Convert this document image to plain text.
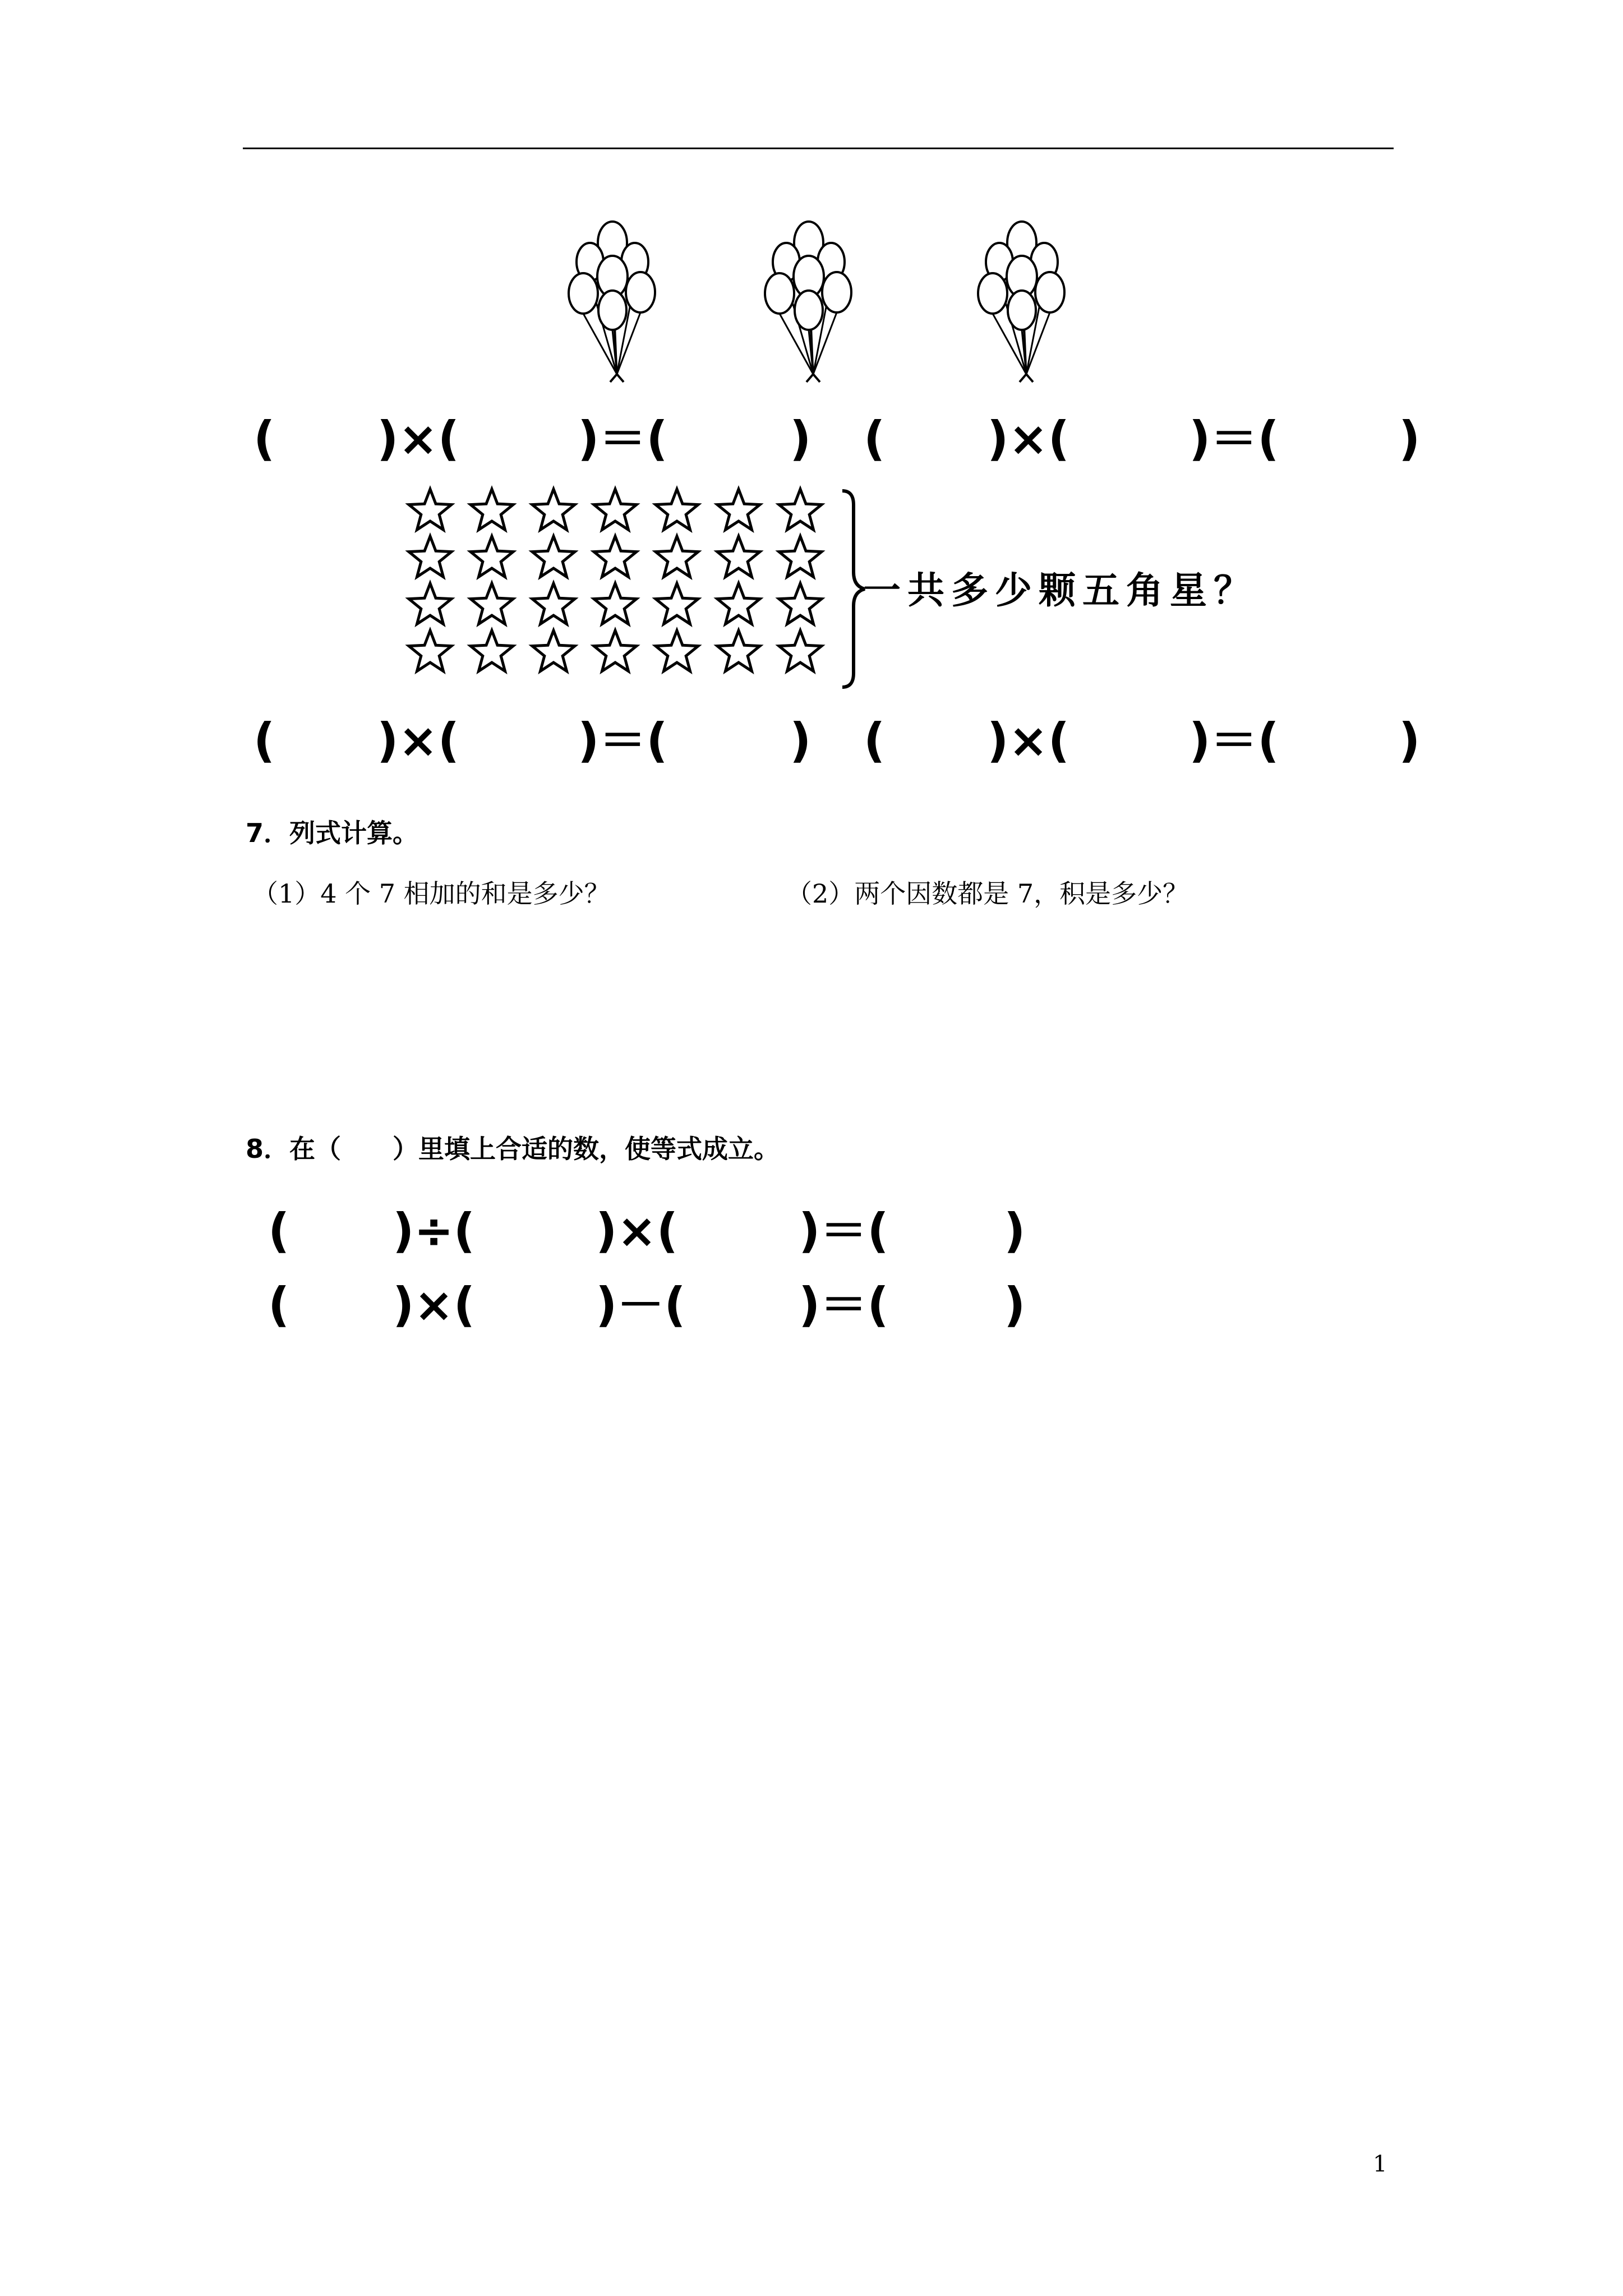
( )×(	)＝(	) ( )×(	)＝(	)
一共多少颗五角星？
( )×(	)＝(	) ( )×(	)＝(	)
7．列式计算。
（1）4 个 7 相加的和是多少？	（2）两个因数都是 7，积是多少？
8．在（　　）里填上合适的数，使等式成立。
( )÷(	)×(	)＝( )
( )×(	)－( )＝( )
1
